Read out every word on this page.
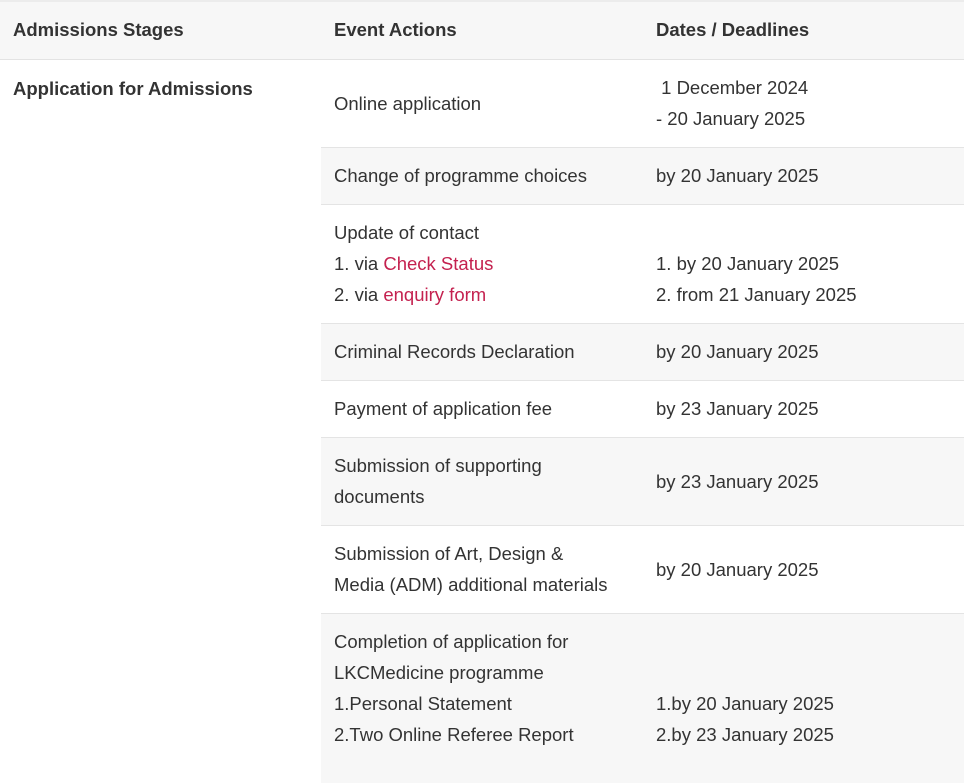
Admissions Stages	Event Actions	Dates / Deadlines
Application for Admissions	Online application	1 December 2024
- 20 January 2025

	Change of programme choices	by 20 January 2025

	Update of contact
1. via Check Status
2. via enquiry form	1. by 20 January 2025
2. from 21 January 2025

	Criminal Records Declaration	by 20 January 2025
	Payment of application fee	by 23 January 2025

	Submission of supporting
documents	by 23 January 2025

	Submission of Art, Design &
Media (ADM) additional materials	by 20 January 2025

	Completion of application for
LKCMedicine programme
1.Personal Statement
2.Two Online Referee Report	1.by 20 January 2025
2.by 23 January 2025
